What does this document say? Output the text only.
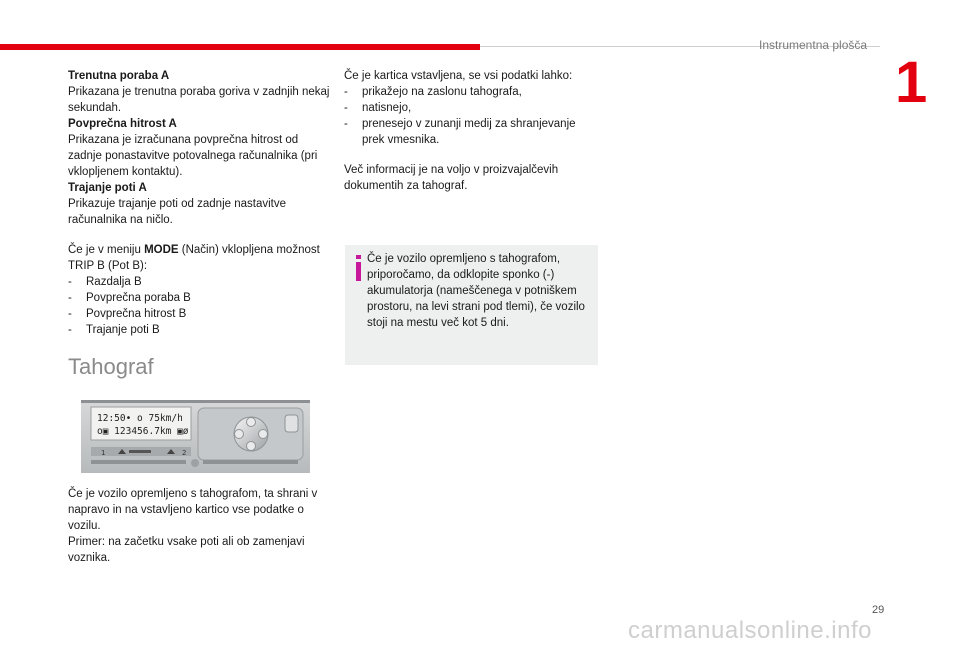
Instrumentna plošča
1

Trenutna poraba A

Prikazana je trenutna poraba goriva v zadnjih nekaj sekundah.

Povprečna hitrost A

Prikazana je izračunana povprečna hitrost od zadnje ponastavitve potovalnega računalnika (pri vklopljenem kontaktu).

Trajanje poti A

Prikazuje trajanje poti od zadnje nastavitve računalnika na ničlo.

Če je v meniju MODE (Način) vklopljena možnost TRIP B (Pot B):

-	Razdalja B
-	Povprečna poraba B
-	Povprečna hitrost B
-	Trajanje poti B
Tahograf
12:50• o 75km/h
o▣ 123456.7km ▣ø
1	2

Če je vozilo opremljeno s tahografom, ta shrani v napravo in na vstavljeno kartico vse podatke o vozilu.

Primer: na začetku vsake poti ali ob zamenjavi voznika.

Če je kartica vstavljena, se vsi podatki lahko:

-	prikažejo na zaslonu tahografa,
-	natisnejo,
-	prenesejo v zunanji medij za shranjevanje prek vmesnika.

Več informacij je na voljo v proizvajalčevih dokumentih za tahograf.

Če je vozilo opremljeno s tahografom, priporočamo, da odklopite sponko (-) akumulatorja (nameščenega v potniškem prostoru, na levi strani pod tlemi), če vozilo stoji na mestu več kot 5 dni.

29
carmanualsonline.info
